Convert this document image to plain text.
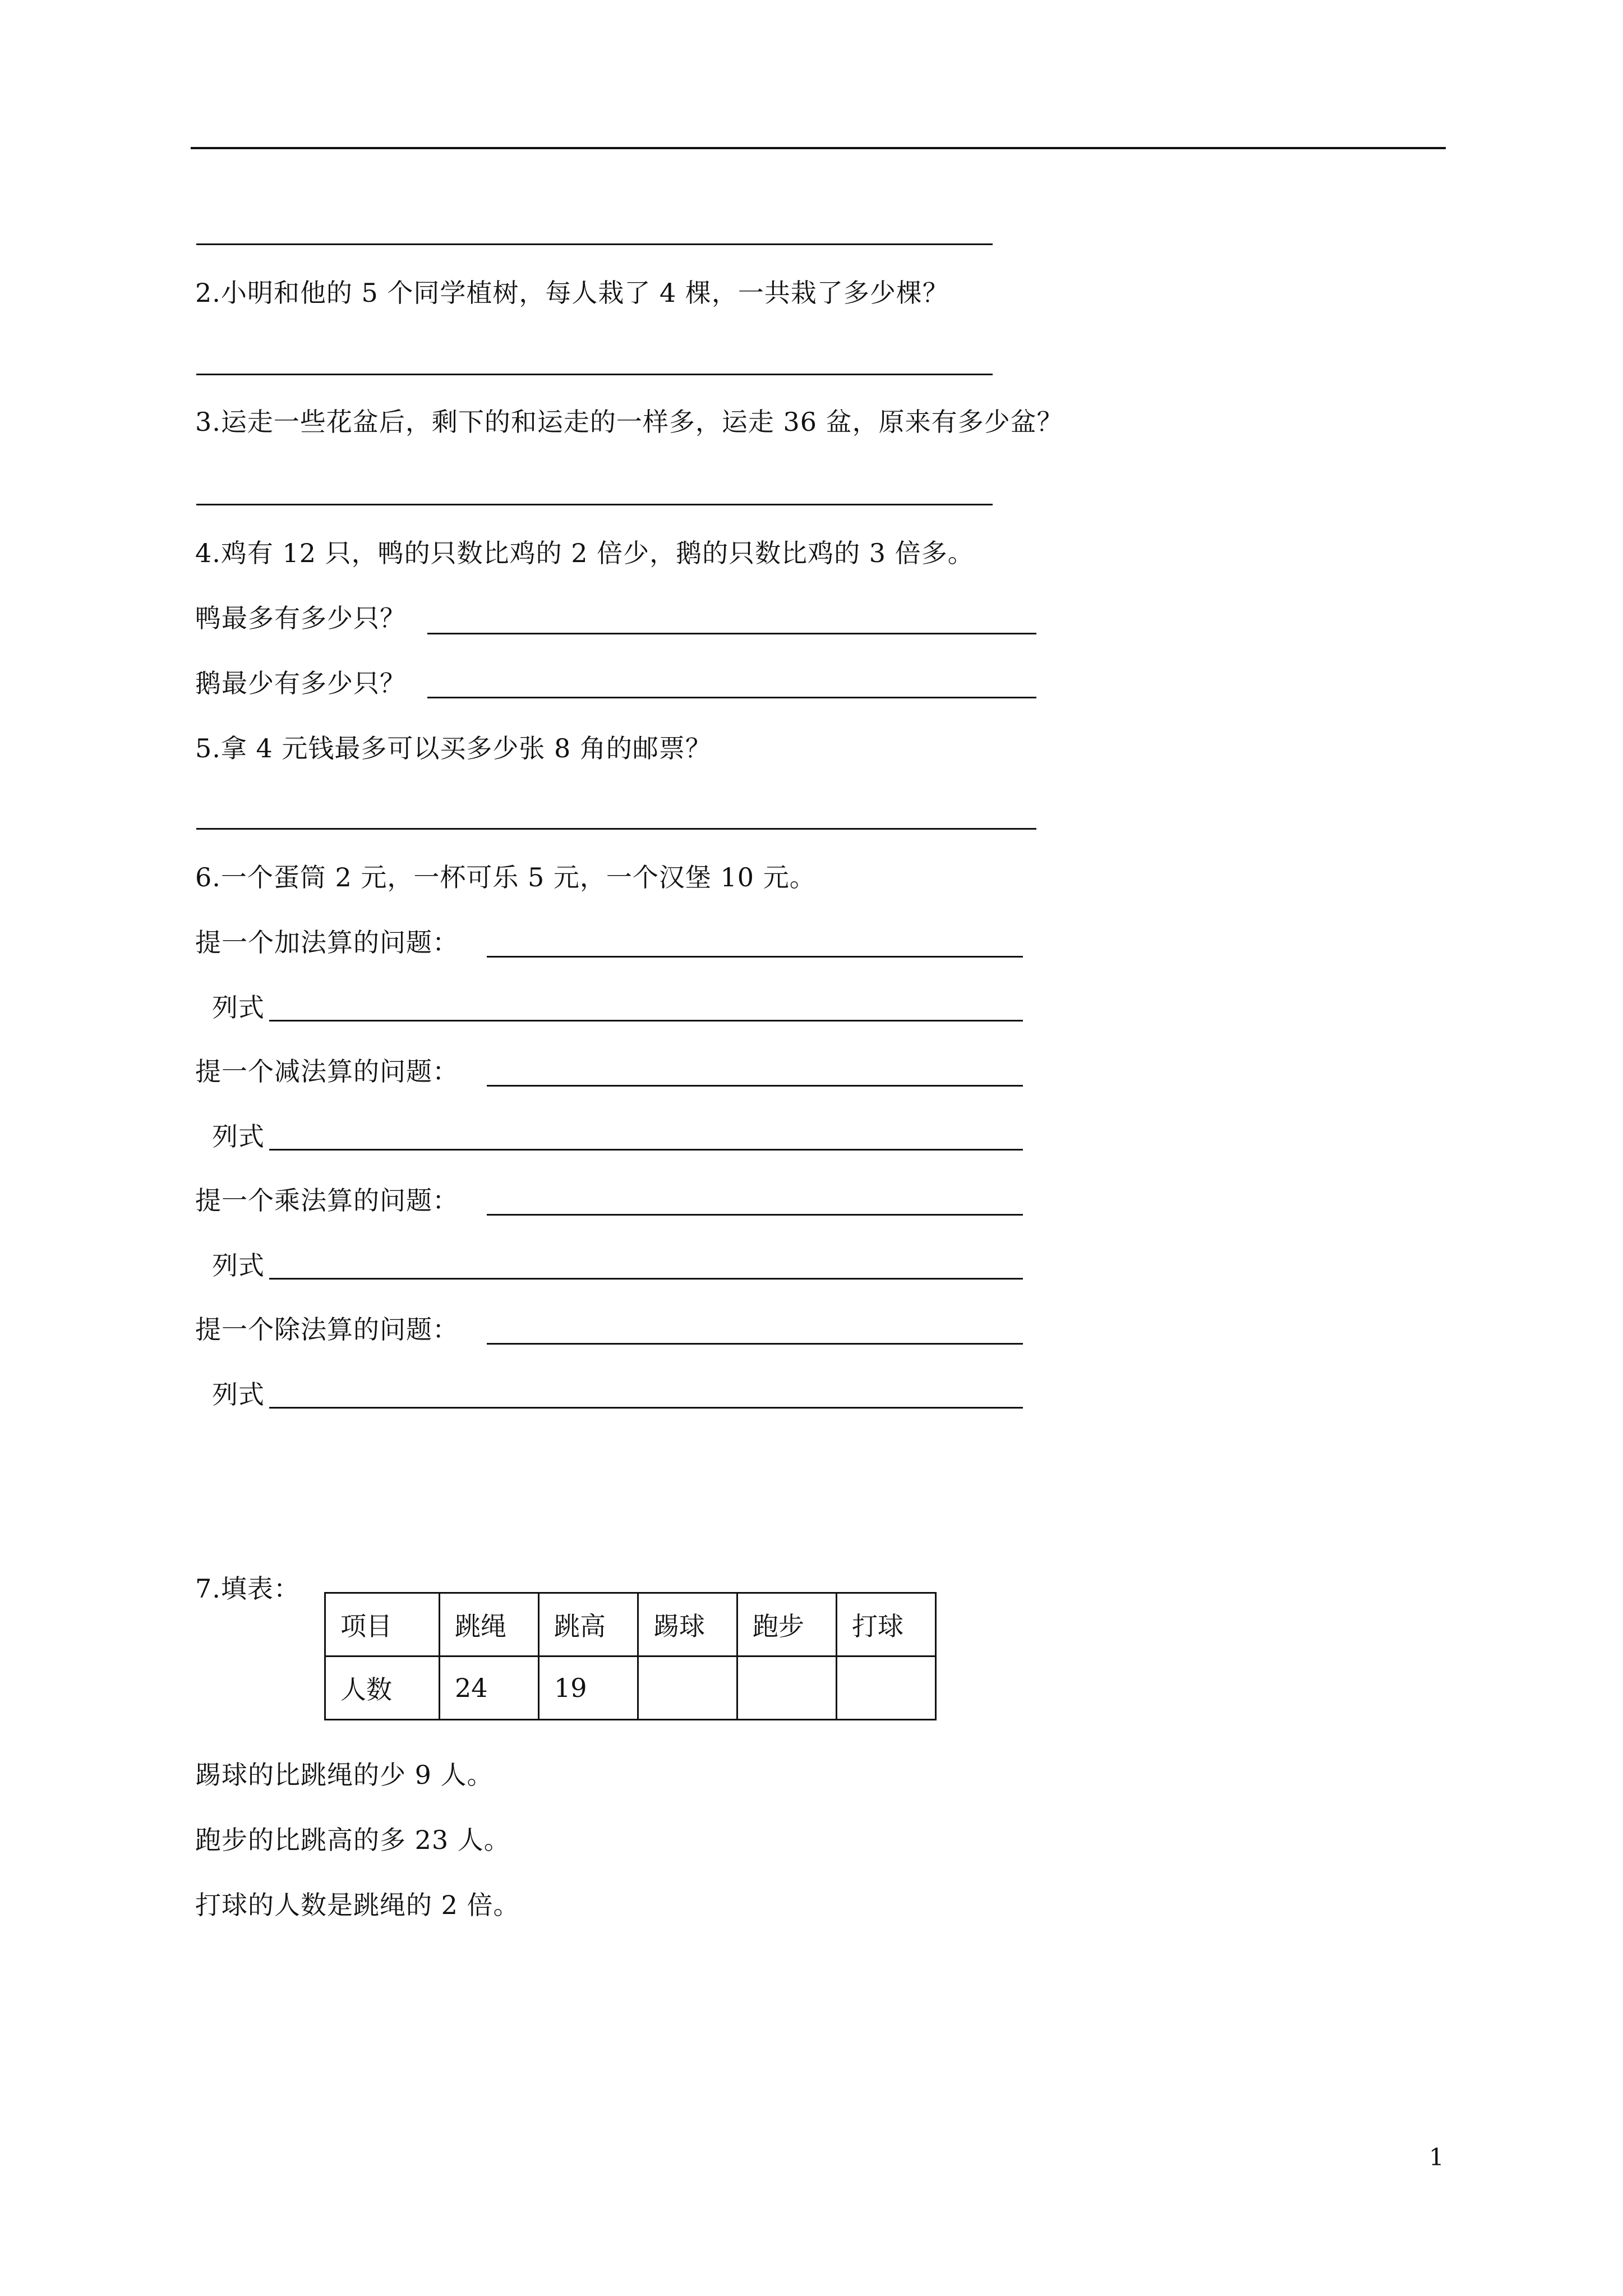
2.小明和他的 5 个同学植树，每人栽了 4 棵，一共栽了多少棵？
3.运走一些花盆后，剩下的和运走的一样多，运走 36 盆，原来有多少盆？
4.鸡有 12 只，鸭的只数比鸡的 2 倍少，鹅的只数比鸡的 3 倍多。
鸭最多有多少只？
鹅最少有多少只？
5.拿 4 元钱最多可以买多少张 8 角的邮票？
6.一个蛋筒 2 元，一杯可乐 5 元，一个汉堡 10 元。
提一个加法算的问题：
列式
提一个减法算的问题：
列式
提一个乘法算的问题：
列式
提一个除法算的问题：
列式
7.填表：
项目	跳绳	跳高	踢球	跑步	打球
人数	24	19			
踢球的比跳绳的少 9 人。
跑步的比跳高的多 23 人。
打球的人数是跳绳的 2 倍。
1
